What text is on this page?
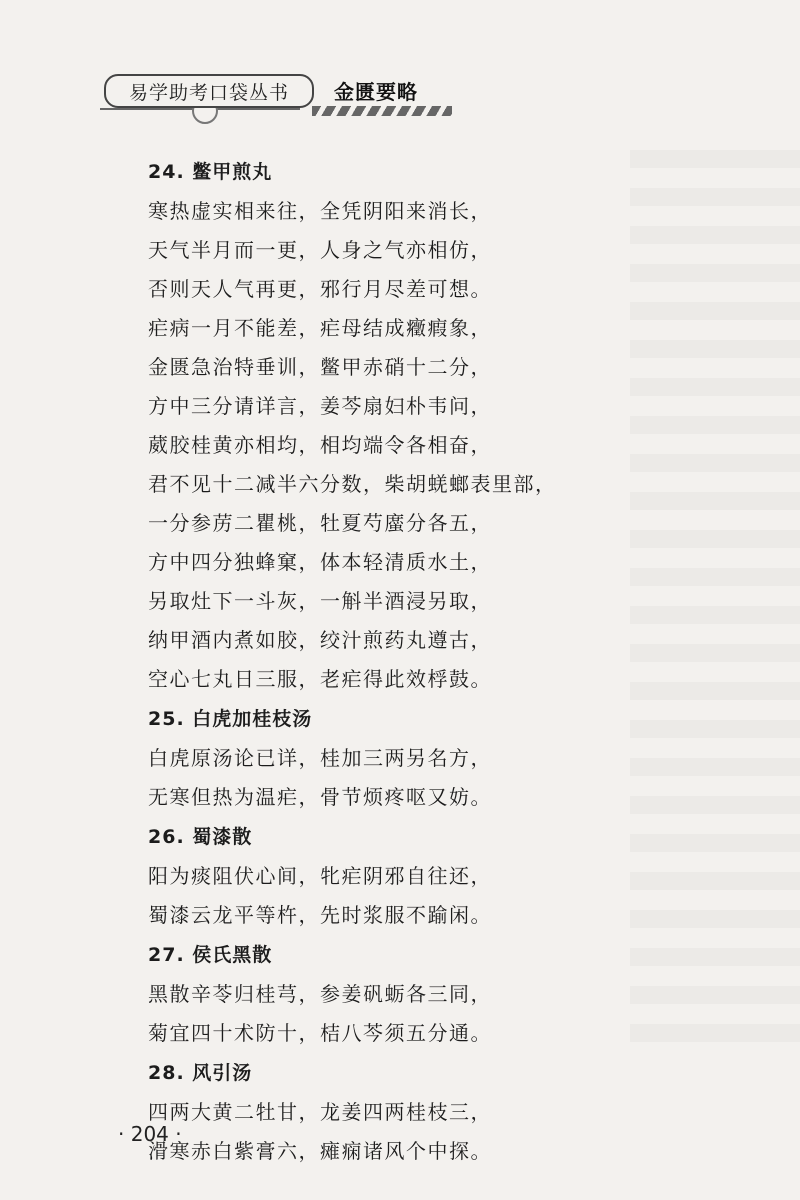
易学助考口袋丛书	金匮要略
24. 鳖甲煎丸
寒热虚实相来往，全凭阴阳来消长，
天气半月而一更，人身之气亦相仿，
否则天人气再更，邪行月尽差可想。
疟病一月不能差，疟母结成癥瘕象，
金匮急治特垂训，鳖甲赤硝十二分，
方中三分请详言，姜芩扇妇朴韦问，
葳胶桂黄亦相均，相均端令各相奋，
君不见十二减半六分数，柴胡蜣螂表里部，
一分参苈二瞿桃，牡夏芍䗪分各五，
方中四分独蜂窠，体本轻清质水土，
另取灶下一斗灰，一斛半酒浸另取，
纳甲酒内煮如胶，绞汁煎药丸遵古，
空心七丸日三服，老疟得此效桴鼓。
25. 白虎加桂枝汤
白虎原汤论已详，桂加三两另名方，
无寒但热为温疟，骨节烦疼呕又妨。
26. 蜀漆散
阳为痰阻伏心间，牝疟阴邪自往还，
蜀漆云龙平等杵，先时浆服不踰闲。
27. 侯氏黑散
黑散辛苓归桂芎，参姜矾蛎各三同，
菊宜四十术防十，桔八芩须五分通。
28. 风引汤
四两大黄二牡甘，龙姜四两桂枝三，
滑寒赤白紫膏六，瘫痫诸风个中探。
· 204 ·
